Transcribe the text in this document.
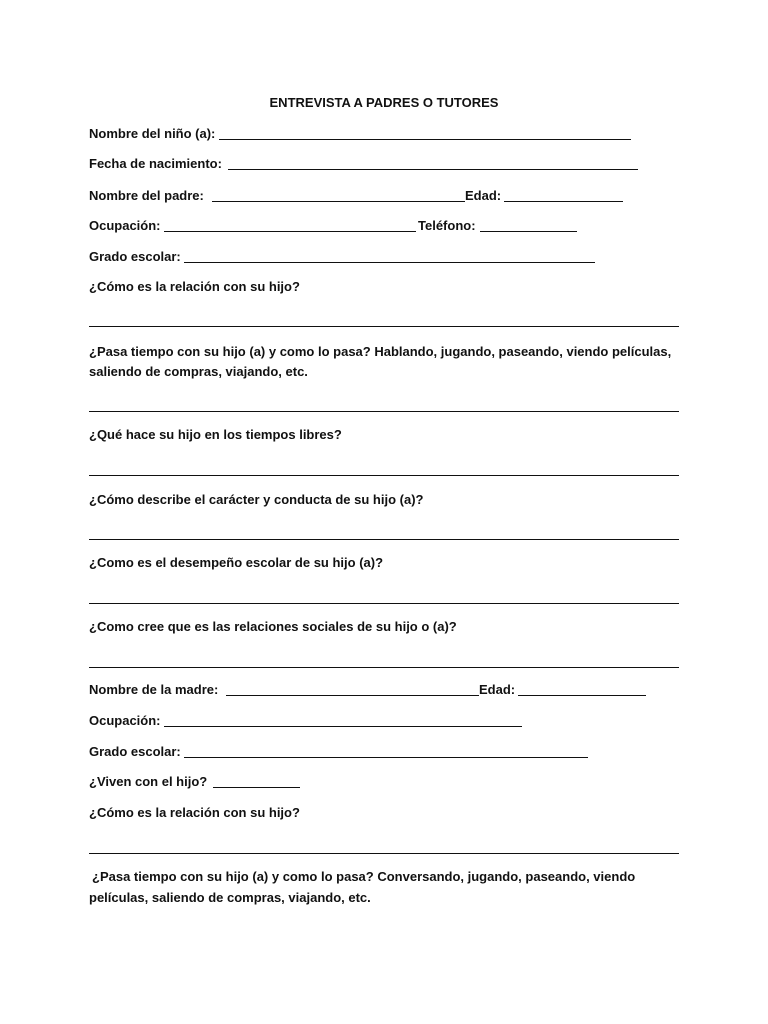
ENTREVISTA A PADRES O TUTORES
Nombre del niño (a):
Fecha de nacimiento:
Nombre del padre:	Edad:
Ocupación:	Teléfono:
Grado escolar:
¿Cómo es la relación con su hijo?
¿Pasa tiempo con su hijo (a) y como lo pasa? Hablando, jugando, paseando, viendo películas,
saliendo de compras, viajando, etc.
¿Qué hace su hijo en los tiempos libres?
¿Cómo describe el carácter y conducta de su hijo (a)?
¿Como es el desempeño escolar de su hijo (a)?
¿Como cree que es las relaciones sociales de su hijo o (a)?
Nombre de la madre:	Edad:
Ocupación:
Grado escolar:
¿Viven con el hijo?
¿Cómo es la relación con su hijo?
¿Pasa tiempo con su hijo (a) y como lo pasa? Conversando, jugando, paseando, viendo
películas, saliendo de compras, viajando, etc.
